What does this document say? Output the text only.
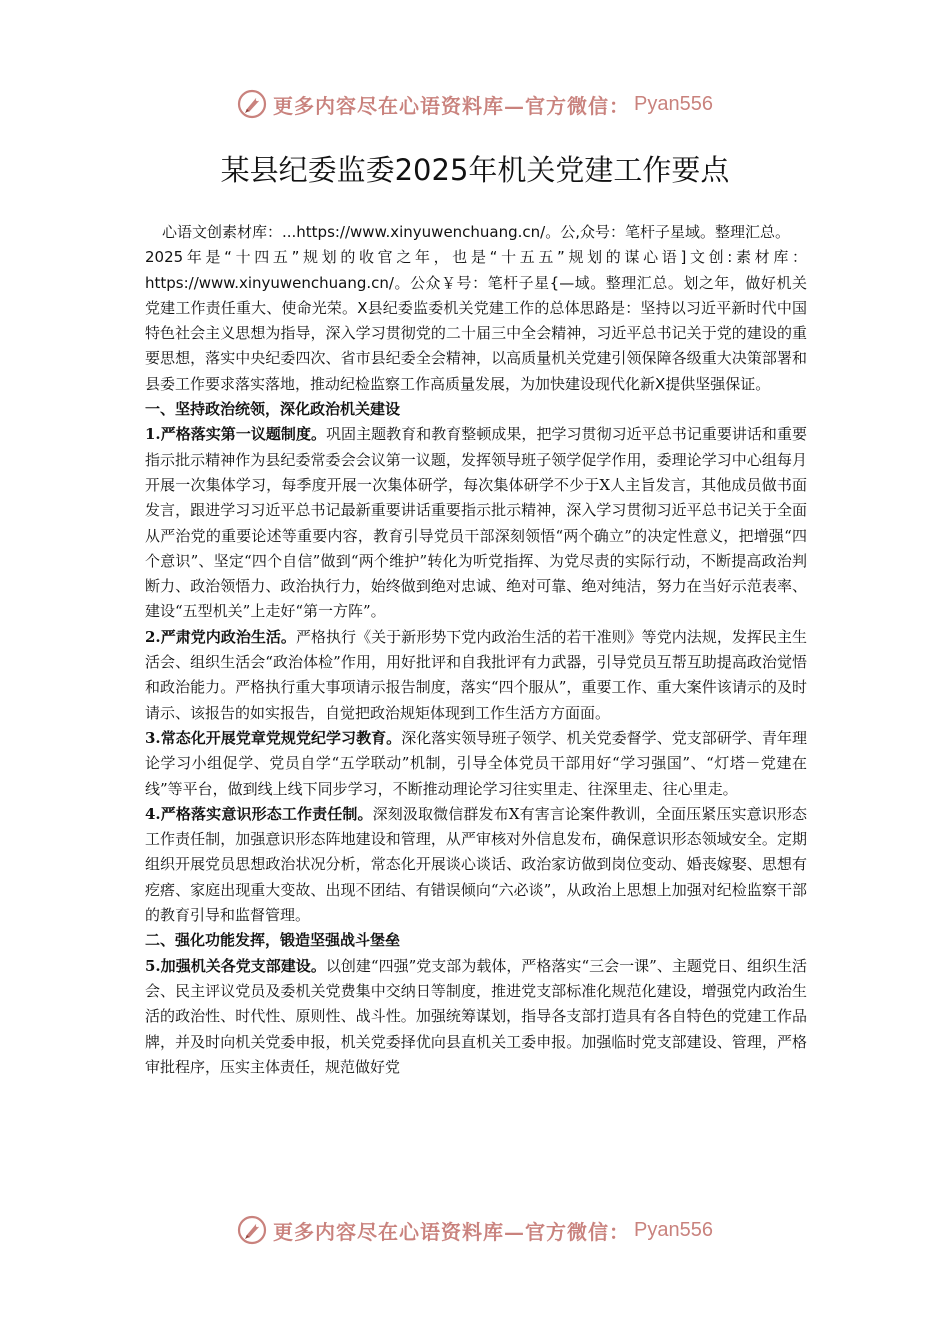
更多内容尽在心语资料库—官方微信： Pyan556
某县纪委监委2025年机关党建工作要点

心语文创素材库：...https://www.xinyuwenchuang.cn/。公,众号：笔杆子星域。整理汇总。

2025年是“十四五”规划的收官之年，也是“十五五”规划的谋心语]文创:素材库：https://www.xinyuwenchuang.cn/。公众￥号：笔杆子星{—域。整理汇总。划之年，做好机关党建工作责任重大、使命光荣。X县纪委监委机关党建工作的总体思路是：坚持以习近平新时代中国特色社会主义思想为指导，深入学习贯彻党的二十届三中全会精神，习近平总书记关于党的建设的重要思想，落实中央纪委四次、省市县纪委全会精神，以高质量机关党建引领保障各级重大决策部署和县委工作要求落实落地，推动纪检监察工作高质量发展，为加快建设现代化新X提供坚强保证。

一、坚持政治统领，深化政治机关建设

1.严格落实第一议题制度。巩固主题教育和教育整顿成果，把学习贯彻习近平总书记重要讲话和重要指示批示精神作为县纪委常委会会议第一议题，发挥领导班子领学促学作用，委理论学习中心组每月开展一次集体学习，每季度开展一次集体研学，每次集体研学不少于X人主旨发言，其他成员做书面发言，跟进学习习近平总书记最新重要讲话重要指示批示精神，深入学习贯彻习近平总书记关于全面从严治党的重要论述等重要内容，教育引导党员干部深刻领悟“两个确立”的决定性意义，把增强“四个意识”、坚定“四个自信”做到“两个维护”转化为听党指挥、为党尽责的实际行动，不断提高政治判断力、政治领悟力、政治执行力，始终做到绝对忠诚、绝对可靠、绝对纯洁，努力在当好示范表率、建设“五型机关”上走好“第一方阵”。

2.严肃党内政治生活。严格执行《关于新形势下党内政治生活的若干准则》等党内法规，发挥民主生活会、组织生活会“政治体检”作用，用好批评和自我批评有力武器，引导党员互帮互助提高政治觉悟和政治能力。严格执行重大事项请示报告制度，落实“四个服从”，重要工作、重大案件该请示的及时请示、该报告的如实报告，自觉把政治规矩体现到工作生活方方面面。

3.常态化开展党章党规党纪学习教育。深化落实领导班子领学、机关党委督学、党支部研学、青年理论学习小组促学、党员自学“五学联动”机制，引导全体党员干部用好“学习强国”、“灯塔－党建在线”等平台，做到线上线下同步学习，不断推动理论学习往实里走、往深里走、往心里走。

4.严格落实意识形态工作责任制。深刻汲取微信群发布X有害言论案件教训，全面压紧压实意识形态工作责任制，加强意识形态阵地建设和管理，从严审核对外信息发布，确保意识形态领域安全。定期组织开展党员思想政治状况分析，常态化开展谈心谈话、政治家访做到岗位变动、婚丧嫁娶、思想有疙瘩、家庭出现重大变故、出现不团结、有错误倾向“六必谈”，从政治上思想上加强对纪检监察干部的教育引导和监督管理。

二、强化功能发挥，锻造坚强战斗堡垒

5.加强机关各党支部建设。以创建“四强”党支部为载体，严格落实“三会一课”、主题党日、组织生活会、民主评议党员及委机关党费集中交纳日等制度，推进党支部标准化规范化建设，增强党内政治生活的政治性、时代性、原则性、战斗性。加强统筹谋划，指导各支部打造具有各自特色的党建工作品牌，并及时向机关党委申报，机关党委择优向县直机关工委申报。加强临时党支部建设、管理，严格审批程序，压实主体责任，规范做好党

更多内容尽在心语资料库—官方微信： Pyan556
